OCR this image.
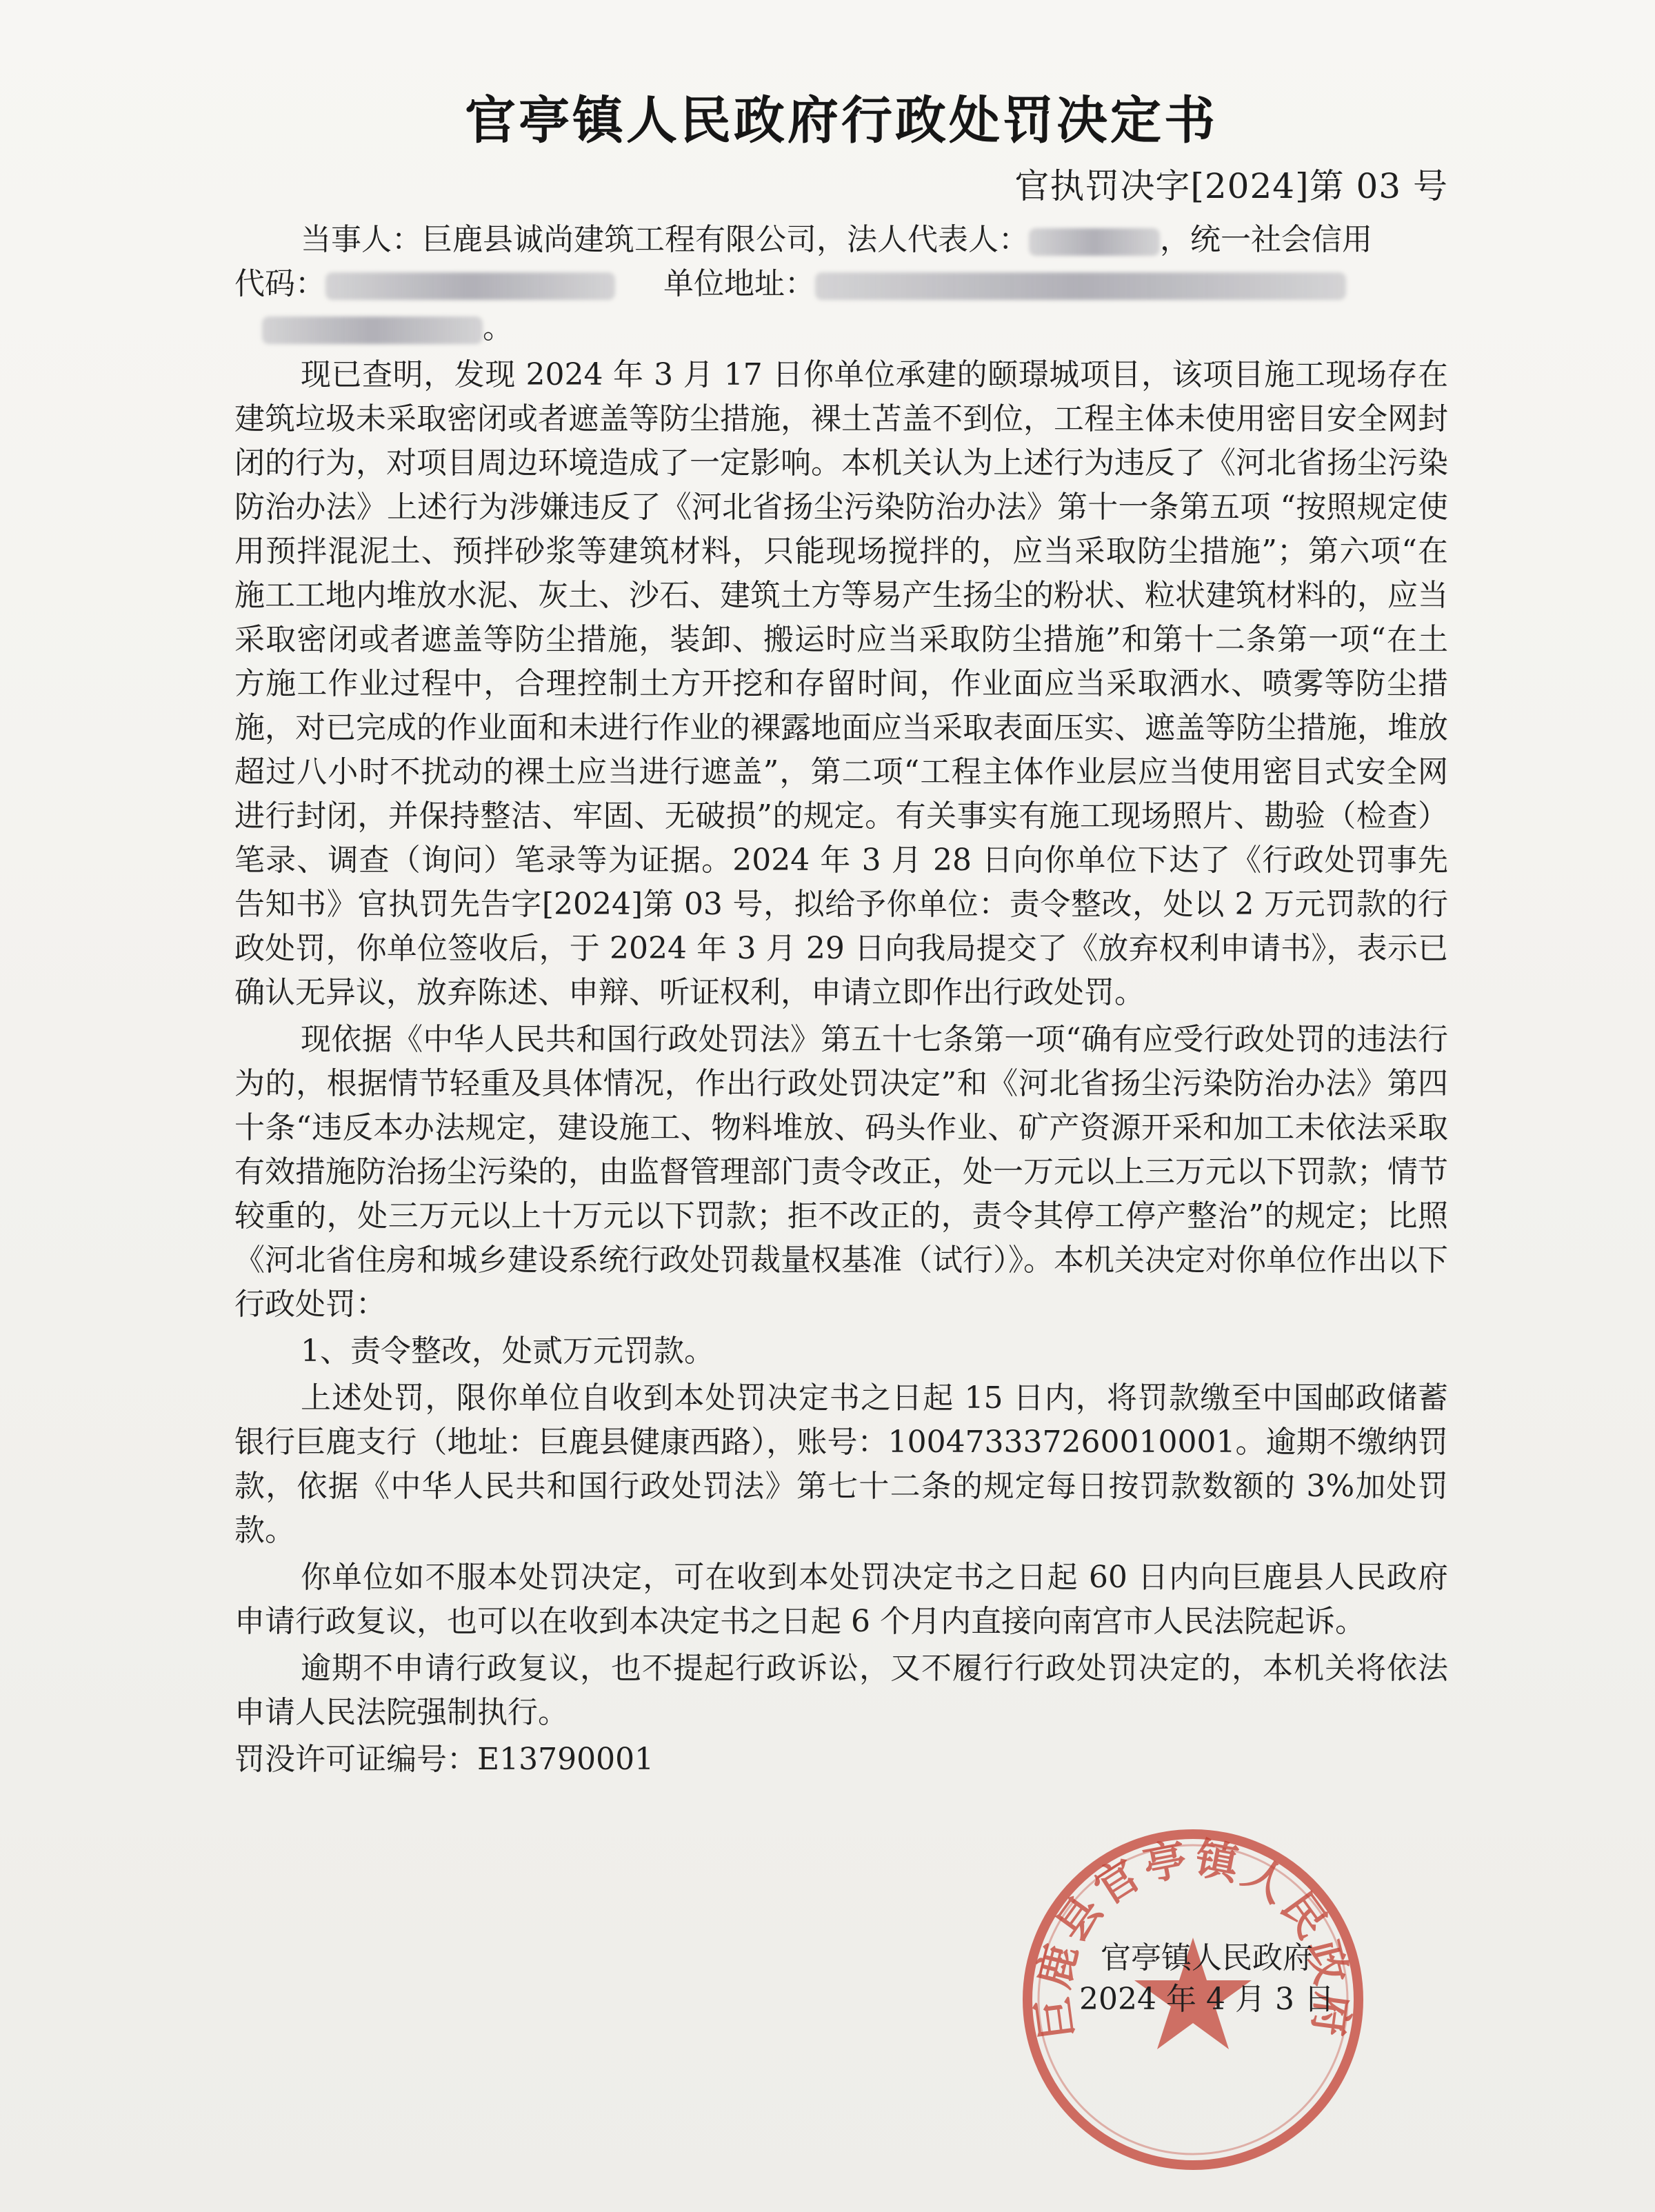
官亭镇人民政府行政处罚决定书

官执罚决字[2024]第 03 号

当事人：巨鹿县诚尚建筑工程有限公司，法人代表人：	，统一社会信用

代码：	单位地址：

。

现已查明，发现 2024 年 3 月 17 日你单位承建的颐璟城项目，该项目施工现场存在建筑垃圾未采取密闭或者遮盖等防尘措施，裸土苫盖不到位，工程主体未使用密目安全网封闭的行为，对项目周边环境造成了一定影响。本机关认为上述行为违反了《河北省扬尘污染防治办法》上述行为涉嫌违反了《河北省扬尘污染防治办法》第十一条第五项 “按照规定使用预拌混泥土、预拌砂浆等建筑材料，只能现场搅拌的，应当采取防尘措施”；第六项“在施工工地内堆放水泥、灰土、沙石、建筑土方等易产生扬尘的粉状、粒状建筑材料的，应当采取密闭或者遮盖等防尘措施，装卸、搬运时应当采取防尘措施”和第十二条第一项“在土方施工作业过程中，合理控制土方开挖和存留时间，作业面应当采取洒水、喷雾等防尘措施，对已完成的作业面和未进行作业的裸露地面应当采取表面压实、遮盖等防尘措施，堆放超过八小时不扰动的裸土应当进行遮盖”，第二项“工程主体作业层应当使用密目式安全网进行封闭，并保持整洁、牢固、无破损”的规定。有关事实有施工现场照片、勘验（检查）笔录、调查（询问）笔录等为证据。2024 年 3 月 28 日向你单位下达了《行政处罚事先告知书》官执罚先告字[2024]第 03 号，拟给予你单位：责令整改，处以 2 万元罚款的行政处罚，你单位签收后，于 2024 年 3 月 29 日向我局提交了《放弃权利申请书》，表示已确认无异议，放弃陈述、申辩、听证权利，申请立即作出行政处罚。

现依据《中华人民共和国行政处罚法》第五十七条第一项“确有应受行政处罚的违法行为的，根据情节轻重及具体情况，作出行政处罚决定”和《河北省扬尘污染防治办法》第四十条“违反本办法规定，建设施工、物料堆放、码头作业、矿产资源开采和加工未依法采取有效措施防治扬尘污染的，由监督管理部门责令改正，处一万元以上三万元以下罚款；情节较重的，处三万元以上十万元以下罚款；拒不改正的，责令其停工停产整治”的规定；比照《河北省住房和城乡建设系统行政处罚裁量权基准（试行）》。本机关决定对你单位作出以下行政处罚：

1、责令整改，处贰万元罚款。

上述处罚，限你单位自收到本处罚决定书之日起 15 日内，将罚款缴至中国邮政储蓄银行巨鹿支行（地址：巨鹿县健康西路），账号：100473337260010001。逾期不缴纳罚款，依据《中华人民共和国行政处罚法》第七十二条的规定每日按罚款数额的 3%加处罚款。

你单位如不服本处罚决定，可在收到本处罚决定书之日起 60 日内向巨鹿县人民政府申请行政复议，也可以在收到本决定书之日起 6 个月内直接向南宫市人民法院起诉。

逾期不申请行政复议，也不提起行政诉讼，又不履行行政处罚决定的，本机关将依法申请人民法院强制执行。

罚没许可证编号：E13790001

巨鹿县官亭镇人民政府
官亭镇人民政府
2024 年 4 月 3 日
